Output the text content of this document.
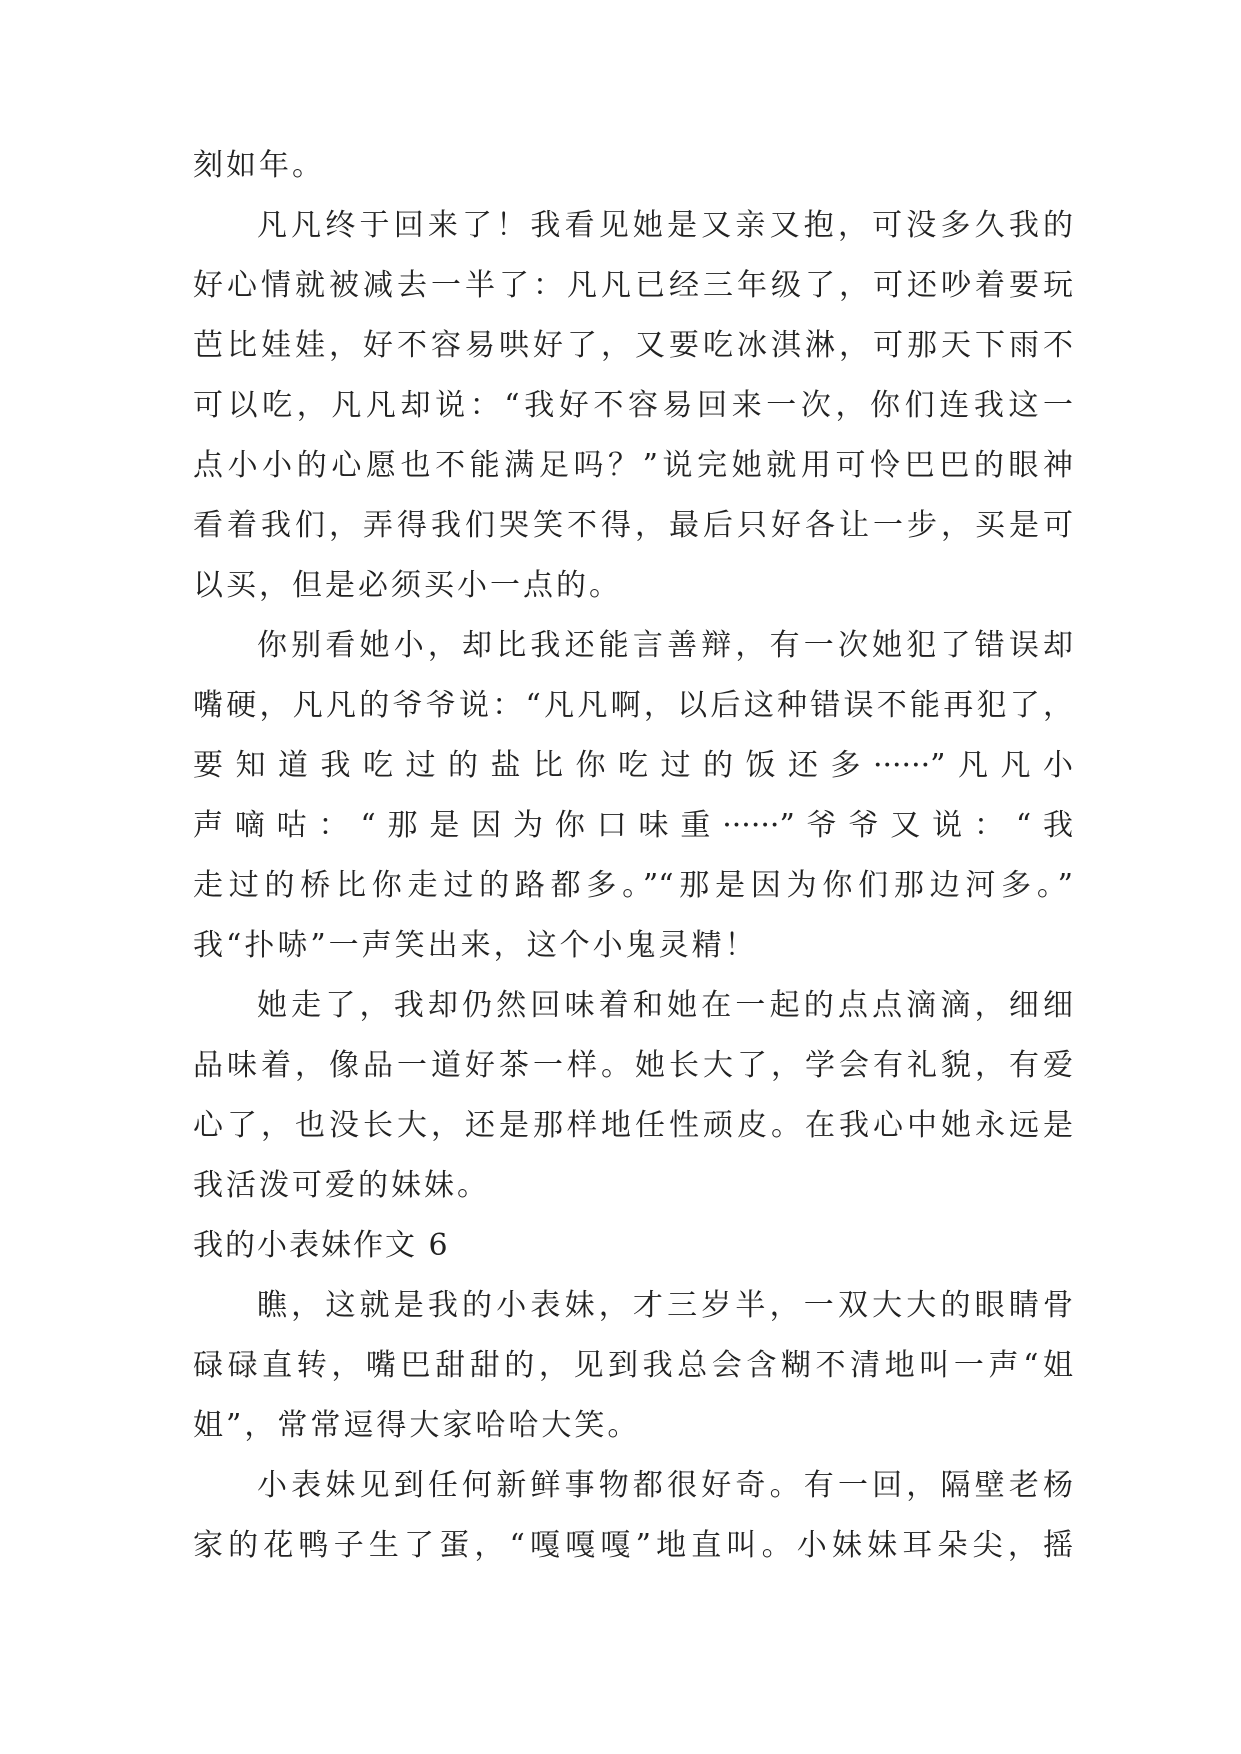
刻如年。
凡凡终于回来了！我看见她是又亲又抱，可没多久我的
好心情就被减去一半了：凡凡已经三年级了，可还吵着要玩
芭比娃娃，好不容易哄好了，又要吃冰淇淋，可那天下雨不
可以吃，凡凡却说：“我好不容易回来一次，你们连我这一
点小小的心愿也不能满足吗？”说完她就用可怜巴巴的眼神
看着我们，弄得我们哭笑不得，最后只好各让一步，买是可
以买，但是必须买小一点的。
你别看她小，却比我还能言善辩，有一次她犯了错误却
嘴硬，凡凡的爷爷说：“凡凡啊，以后这种错误不能再犯了，
要知道我吃过的盐比你吃过的饭还多······”凡凡小
声嘀咕：“那是因为你口味重······”爷爷又说：“我
走过的桥比你走过的路都多。”“那是因为你们那边河多。”
我“扑哧”一声笑出来，这个小鬼灵精！
她走了，我却仍然回味着和她在一起的点点滴滴，细细
品味着，像品一道好茶一样。她长大了，学会有礼貌，有爱
心了，也没长大，还是那样地任性顽皮。在我心中她永远是
我活泼可爱的妹妹。
我的小表妹作文 6
瞧，这就是我的小表妹，才三岁半，一双大大的眼睛骨
碌碌直转，嘴巴甜甜的，见到我总会含糊不清地叫一声“姐
姐”，常常逗得大家哈哈大笑。
小表妹见到任何新鲜事物都很好奇。有一回，隔壁老杨
家的花鸭子生了蛋，“嘎嘎嘎”地直叫。小妹妹耳朵尖，摇
